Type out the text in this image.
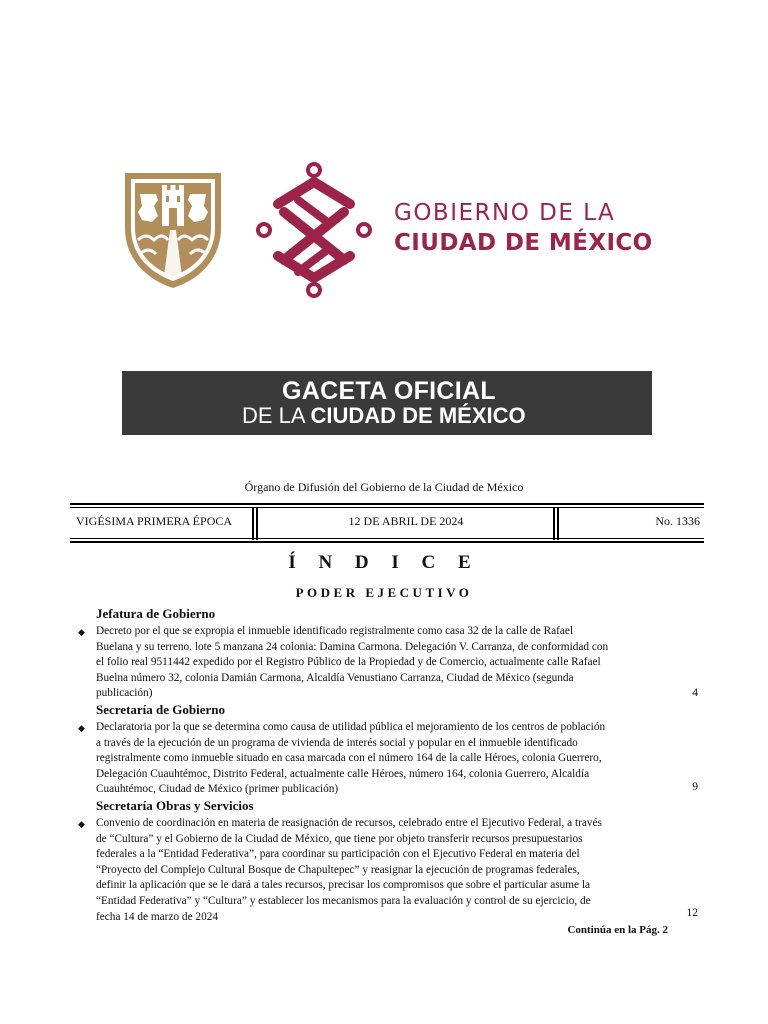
GOBIERNO DE LA
CIUDAD DE MÉXICO
GACETA OFICIAL
DE LA CIUDAD DE MÉXICO
Órgano de Difusión del Gobierno de la Ciudad de México
VIGÉSIMA PRIMERA ÉPOCA	12 DE ABRIL DE 2024	No. 1336
Í N D I C E
PODER EJECUTIVO
Jefatura de Gobierno
◆ Decreto por el que se expropia el inmueble identificado registralmente como casa 32 de la calle de Rafael
Buelana y su terreno. lote 5 manzana 24 colonia: Damina Carmona. Delegación V. Carranza, de conformidad con
el folio real 9511442 expedido por el Registro Público de la Propiedad y de Comercio, actualmente calle Rafael
Buelna número 32, colonia Damián Carmona, Alcaldía Venustiano Carranza, Ciudad de México (segunda
publicación)	4
Secretaría de Gobierno
◆ Declaratoria por la que se determina como causa de utilidad pública el mejoramiento de los centros de población
a través de la ejecución de un programa de vivienda de interés social y popular en el inmueble identificado
registralmente como inmueble situado en casa marcada con el número 164 de la calle Héroes, colonia Guerrero,
Delegación Cuauhtémoc, Distrito Federal, actualmente calle Héroes, número 164, colonia Guerrero, Alcaldía
Cuauhtémoc, Ciudad de México (primer publicación)	9
Secretaría Obras y Servicios
◆ Convenio de coordinación en materia de reasignación de recursos, celebrado entre el Ejecutivo Federal, a través
de “Cultura” y el Gobierno de la Ciudad de México, que tiene por objeto transferir recursos presupuestarios
federales a la “Entidad Federativa”, para coordinar su participación con el Ejecutivo Federal en materia del
“Proyecto del Complejo Cultural Bosque de Chapultepec” y reasignar la ejecución de programas federales,
definir la aplicación que se le dará a tales recursos, precisar los compromisos que sobre el particular asume la
“Entidad Federativa” y “Cultura” y establecer los mecanismos para la evaluación y control de su ejercicio, de
fecha 14 de marzo de 2024	12
Continúa en la Pág. 2
